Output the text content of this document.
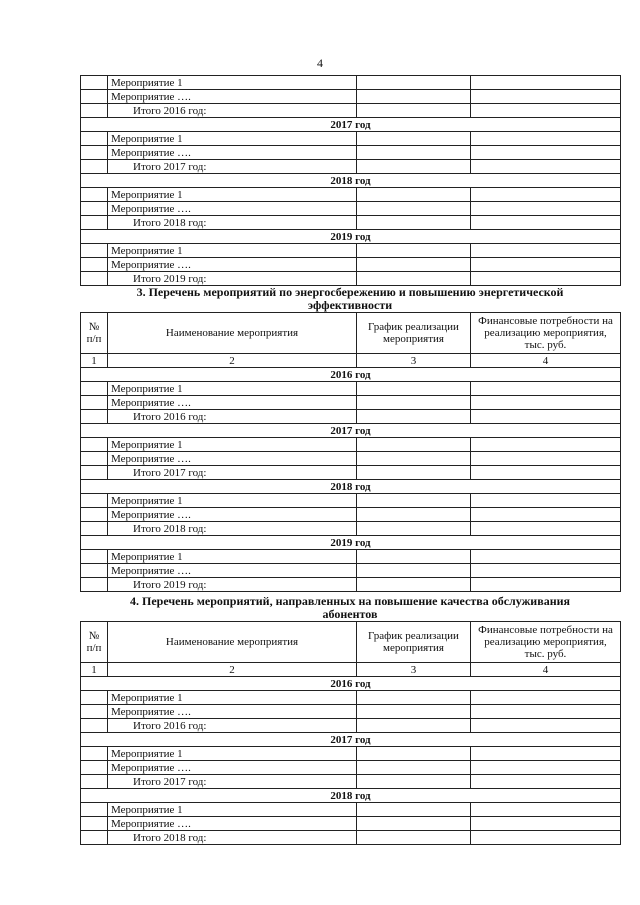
4
	Мероприятие 1		
	Мероприятие ….		
	Итого 2016 год:		
2017 год			
	Мероприятие 1		
	Мероприятие ….		
	Итого 2017 год:		
2018 год			
	Мероприятие 1		
	Мероприятие ….		
	Итого 2018 год:		
2019 год			
	Мероприятие 1		
	Мероприятие ….		
	Итого 2019 год:		
3. Перечень мероприятий по энергосбережению и повышению энергетической
эффективности
№ п/п	Наименование мероприятия	График реализации мероприятия	Финансовые потребности на реализацию мероприятия, тыс. руб.
1	2	3	4
2016 год			
	Мероприятие 1		
	Мероприятие ….		
	Итого 2016 год:		
2017 год			
	Мероприятие 1		
	Мероприятие ….		
	Итого 2017 год:		
2018 год			
	Мероприятие 1		
	Мероприятие ….		
	Итого 2018 год:		
2019 год			
	Мероприятие 1		
	Мероприятие ….		
	Итого 2019 год:		
4. Перечень мероприятий, направленных на повышение качества обслуживания
абонентов
№ п/п	Наименование мероприятия	График реализации мероприятия	Финансовые потребности на реализацию мероприятия, тыс. руб.
1	2	3	4
2016 год			
	Мероприятие 1		
	Мероприятие ….		
	Итого 2016 год:		
2017 год			
	Мероприятие 1		
	Мероприятие ….		
	Итого 2017 год:		
2018 год			
	Мероприятие 1		
	Мероприятие ….		
	Итого 2018 год:		
